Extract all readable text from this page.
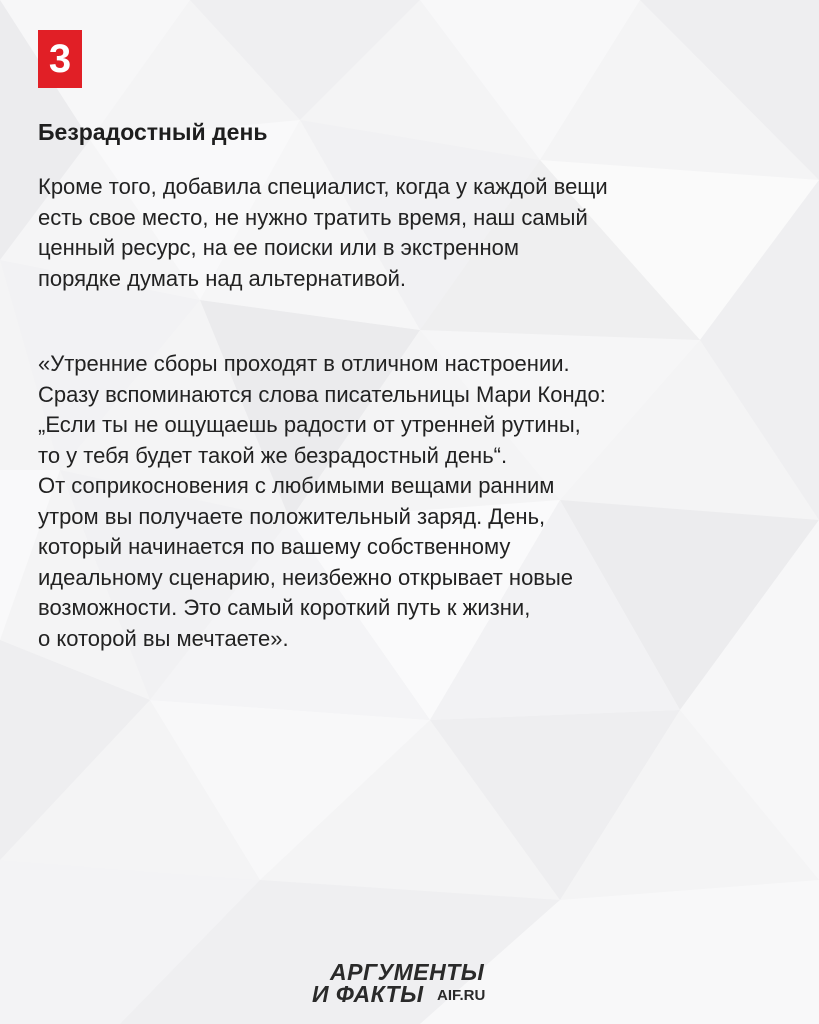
3
Безрадостный день

Кроме того, добавила специалист, когда у каждой вещи
есть свое место, не нужно тратить время, наш самый
ценный ресурс, на ее поиски или в экстренном
порядке думать над альтернативой.

«Утренние сборы проходят в отличном настроении.
Сразу вспоминаются слова писательницы Мари Кондо:
„Если ты не ощущаешь радости от утренней рутины,
то у тебя будет такой же безрадостный день“.
От соприкосновения с любимыми вещами ранним
утром вы получаете положительный заряд. День,
который начинается по вашему собственному
идеальному сценарию, неизбежно открывает новые
возможности. Это самый короткий путь к жизни,
о которой вы мечтаете».

АРГУМЕНТЫ
И ФАКТЫ AIF.RU
